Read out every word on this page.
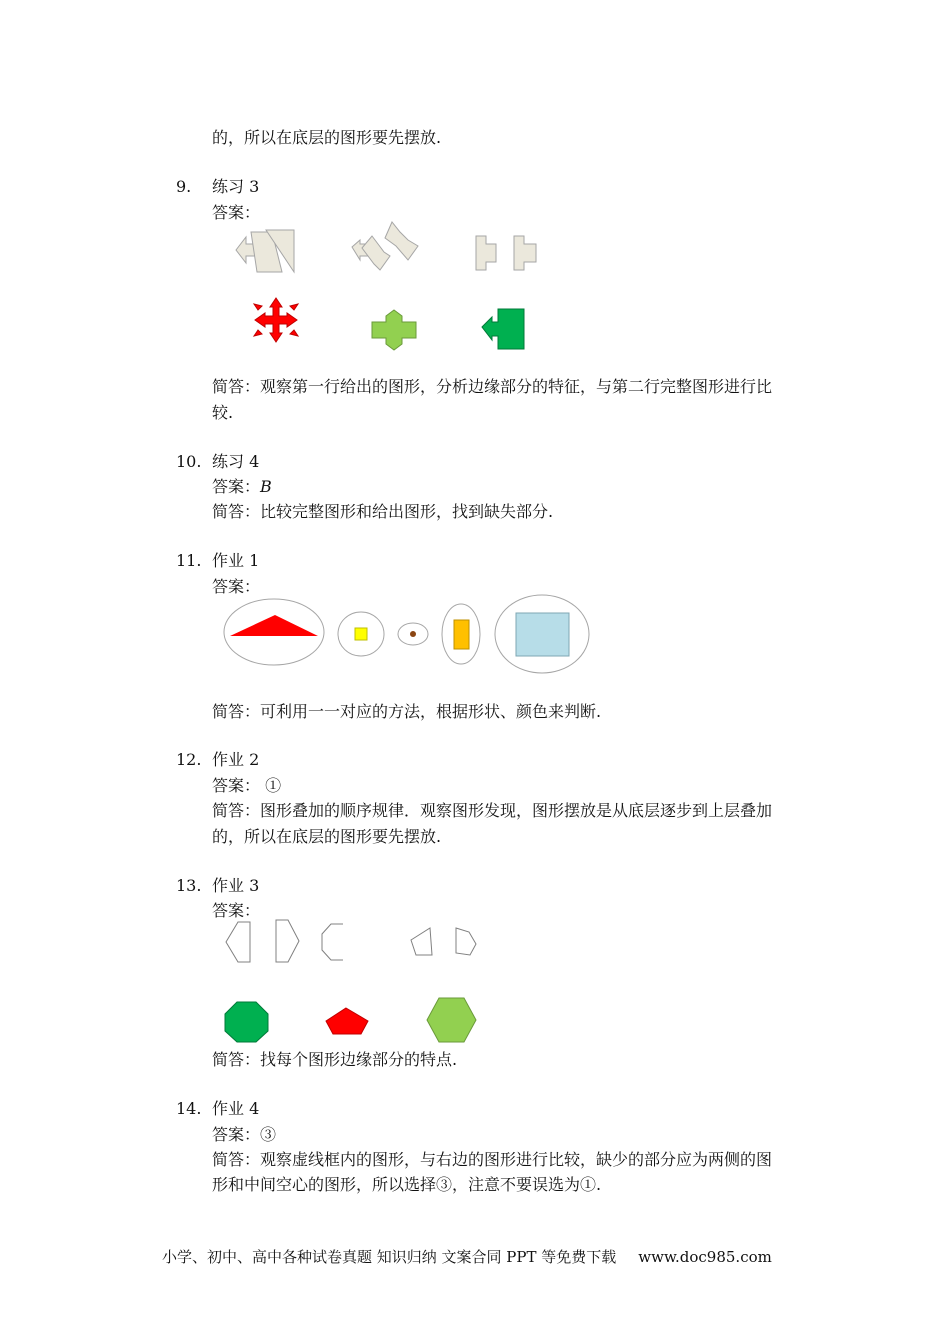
的，所以在底层的图形要先摆放.
9. 练习 3
答案：
简答：观察第一行给出的图形，分析边缘部分的特征，与第二行完整图形进行比
较.
10. 练习 4
答案：B
简答：比较完整图形和给出图形，找到缺失部分.
11. 作业 1
答案：
简答：可利用一一对应的方法，根据形状、颜色来判断.
12. 作业 2
答案： ①
简答：图形叠加的顺序规律．观察图形发现，图形摆放是从底层逐步到上层叠加
的，所以在底层的图形要先摆放.
13. 作业 3
答案：
简答：找每个图形边缘部分的特点.
14. 作业 4
答案：③
简答：观察虚线框内的图形，与右边的图形进行比较，缺少的部分应为两侧的图
形和中间空心的图形，所以选择③，注意不要误选为①.
小学、初中、高中各种试卷真题 知识归纳 文案合同 PPT 等免费下载 www.doc985.com
